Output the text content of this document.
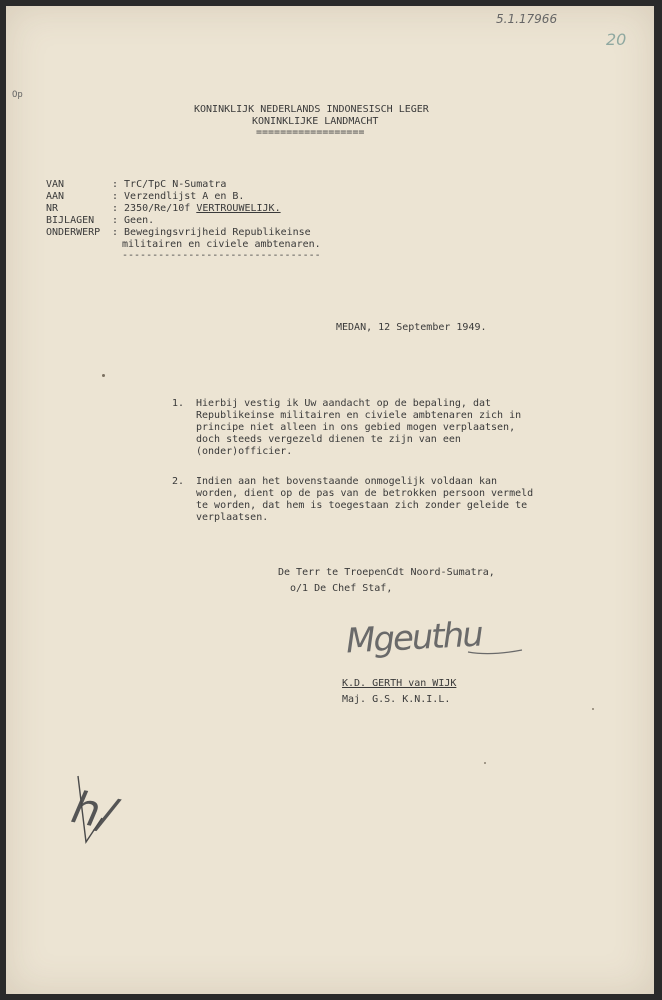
5.1.17966
20
Op
KONINKLIJK NEDERLANDS INDONESISCH LEGER
KONINKLIJKE LANDMACHT
==================
VAN	: TrC/TpC N-Sumatra
AAN	: Verzendlijst A en B.
NR	: 2350/Re/10f VERTROUWELIJK.
BIJLAGEN : Geen.
ONDERWERP : Bewegingsvrijheid Republikeinse
militairen en civiele ambtenaren.
---------------------------------
MEDAN, 12 September 1949.
1. Hierbij vestig ik Uw aandacht op de bepaling, dat Republikeinse militairen en civiele ambtenaren zich in principe niet alleen in ons gebied mogen verplaatsen, doch steeds vergezeld dienen te zijn van een (onder)officier.
2. Indien aan het bovenstaande onmogelijk voldaan kan worden, dient op de pas van de betrokken persoon vermeld te worden, dat hem is toegestaan zich zonder geleide te verplaatsen.
De Terr te TroepenCdt Noord-Sumatra,
o/1 De Chef Staf,
Mgeuthu
K.D. GERTH van WIJK
Maj. G.S. K.N.I.L.
h/
